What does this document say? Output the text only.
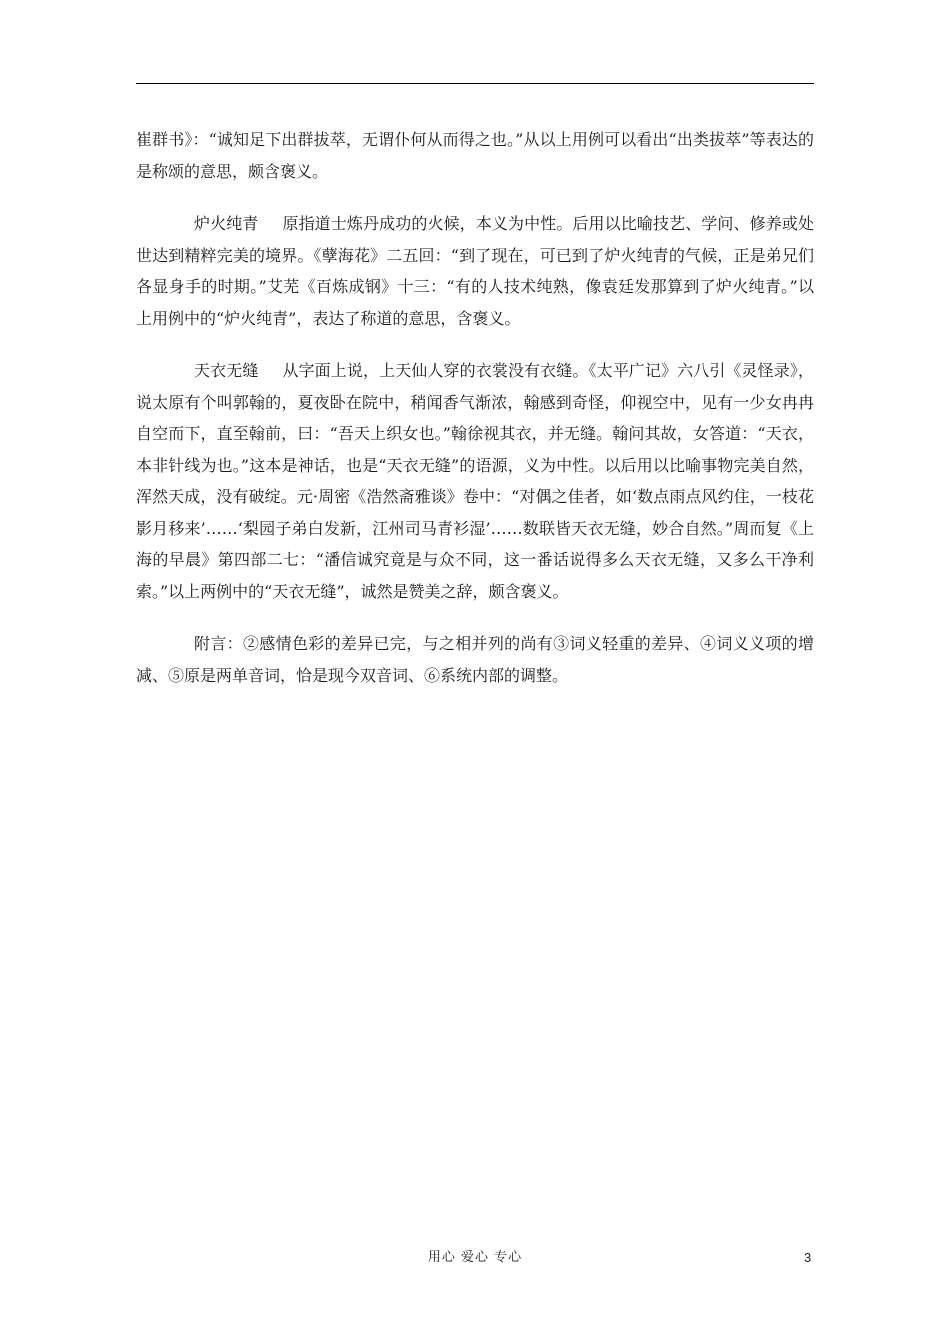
崔群书》：“诚知足下出群拔萃，无谓仆何从而得之也。”从以上用例可以看出“出类拔萃”等表达的是称颂的意思，颇含褒义。

炉火纯青 原指道士炼丹成功的火候，本义为中性。后用以比喻技艺、学问、修养或处世达到精粹完美的境界。《孽海花》二五回：“到了现在，可已到了炉火纯青的气候，正是弟兄们各显身手的时期。”艾芜《百炼成钢》十三：“有的人技术纯熟，像袁廷发那算到了炉火纯青。”以上用例中的“炉火纯青”，表达了称道的意思，含褒义。

天衣无缝 从字面上说，上天仙人穿的衣裳没有衣缝。《太平广记》六八引《灵怪录》，说太原有个叫郭翰的，夏夜卧在院中，稍闻香气渐浓，翰感到奇怪，仰视空中，见有一少女冉冉自空而下，直至翰前，曰：“吾天上织女也。”翰徐视其衣，并无缝。翰问其故，女答道：“天衣，本非针线为也。”这本是神话，也是“天衣无缝”的语源，义为中性。以后用以比喻事物完美自然，浑然天成，没有破绽。元·周密《浩然斋雅谈》卷中：“对偶之佳者，如‘数点雨点风约住，一枝花影月移来’……‘梨园子弟白发新，江州司马青衫湿’……数联皆天衣无缝，妙合自然。”周而复《上海的早晨》第四部二七：“潘信诚究竟是与众不同，这一番话说得多么天衣无缝，又多么干净利索。”以上两例中的“天衣无缝”，诚然是赞美之辞，颇含褒义。

附言：②感情色彩的差异已完，与之相并列的尚有③词义轻重的差异、④词义义项的增减、⑤原是两单音词，恰是现今双音词、⑥系统内部的调整。

用心 爱心 专心	3
